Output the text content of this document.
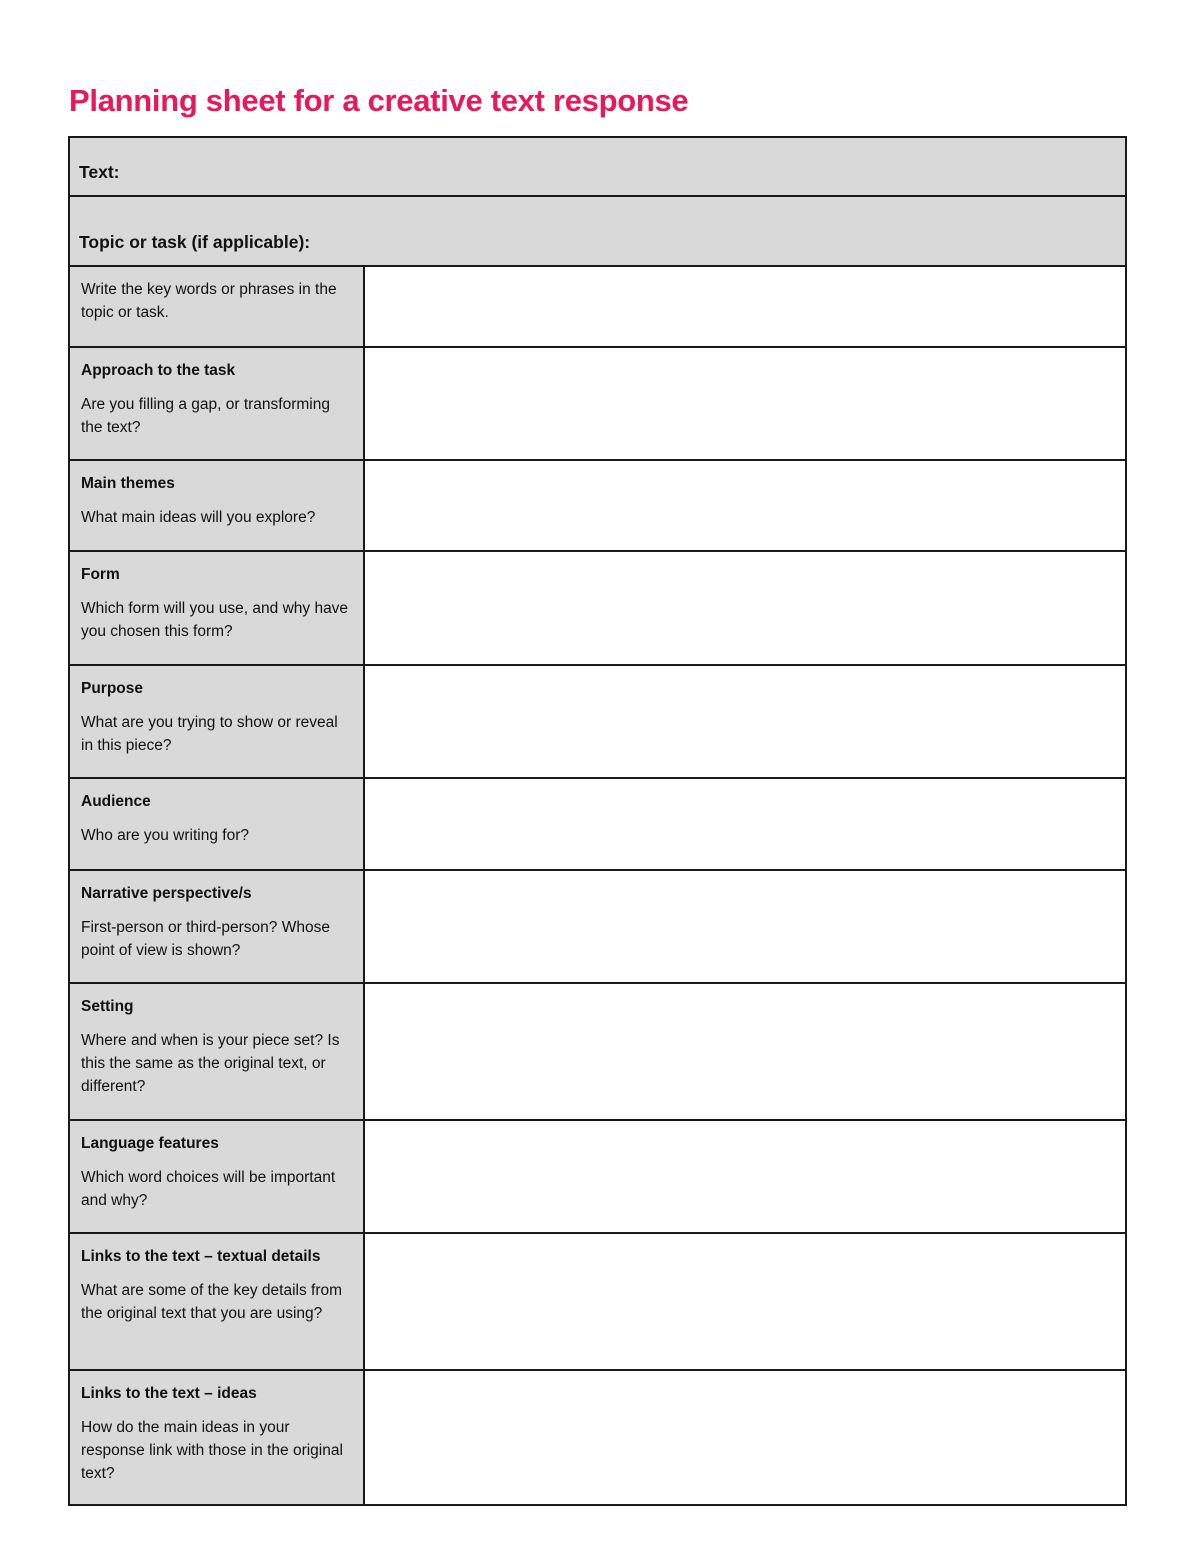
Planning sheet for a creative text response
Text:
Topic or task (if applicable):
Write the key words or phrases in the topic or task.
Approach to the task
Are you filling a gap, or transforming the text?
Main themes
What main ideas will you explore?
Form
Which form will you use, and why have you chosen this form?
Purpose
What are you trying to show or reveal in this piece?
Audience
Who are you writing for?
Narrative perspective/s
First-person or third-person? Whose point of view is shown?
Setting
Where and when is your piece set? Is this the same as the original text, or different?
Language features
Which word choices will be important and why?
Links to the text – textual details
What are some of the key details from the original text that you are using?
Links to the text – ideas
How do the main ideas in your response link with those in the original text?
